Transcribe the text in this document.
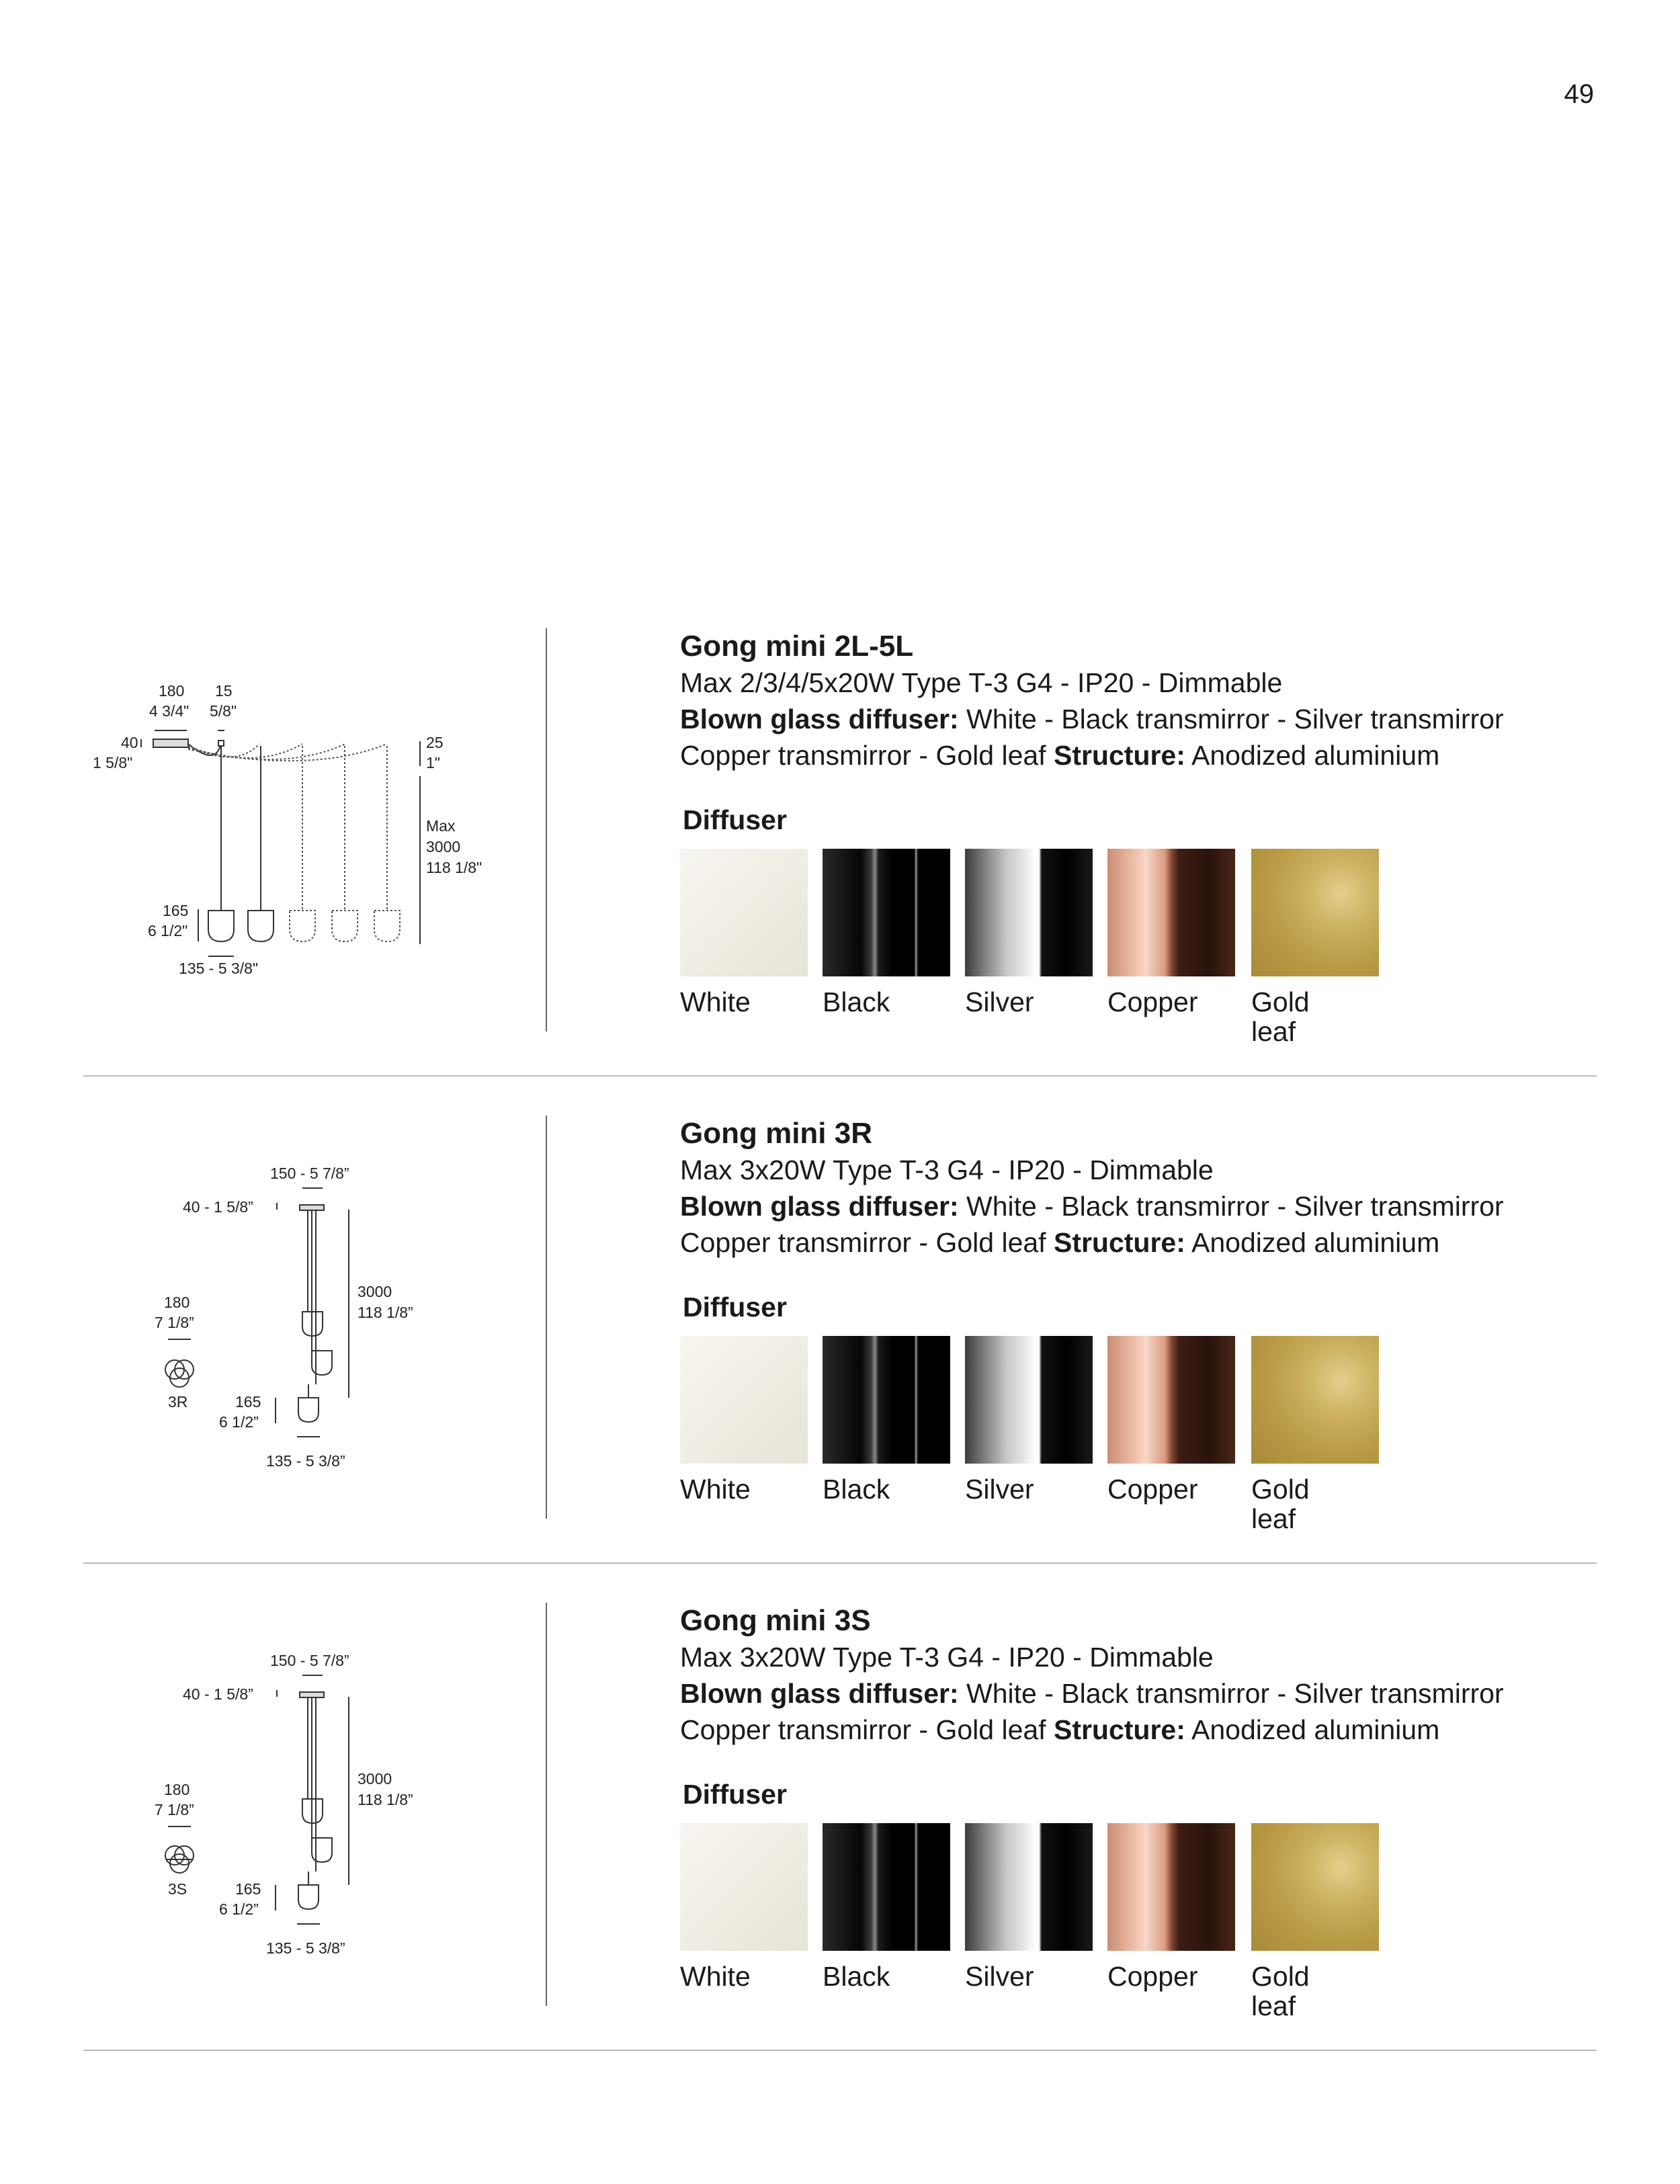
49
180
4 3/4"
15
5/8"
40
1 5/8"
25
1"
Max
3000
118 1/8"
165
6 1/2"
135 - 5 3/8"
Gong mini 2L-5L
Max 2/3/4/5x20W Type T-3 G4 - IP20 - Dimmable
Blown glass diffuser: White - Black transmirror - Silver transmirror
Copper transmirror - Gold leaf Structure: Anodized aluminium
Diffuser
White	Black	Silver	Copper	Gold leaf
150 - 5 7/8”
40 - 1 5/8”
3000
118 1/8”
180
7 1/8”
3R	165
6 1/2”
135 - 5 3/8”
Gong mini 3R
Max 3x20W Type T-3 G4 - IP20 - Dimmable
Blown glass diffuser: White - Black transmirror - Silver transmirror
Copper transmirror - Gold leaf Structure: Anodized aluminium
Diffuser
White	Black	Silver	Copper	Gold leaf
150 - 5 7/8”
40 - 1 5/8”
3000
118 1/8”
180
7 1/8”
3S	165
6 1/2”
135 - 5 3/8”
Gong mini 3S
Max 3x20W Type T-3 G4 - IP20 - Dimmable
Blown glass diffuser: White - Black transmirror - Silver transmirror
Copper transmirror - Gold leaf Structure: Anodized aluminium
Diffuser
White	Black	Silver	Copper	Gold leaf
